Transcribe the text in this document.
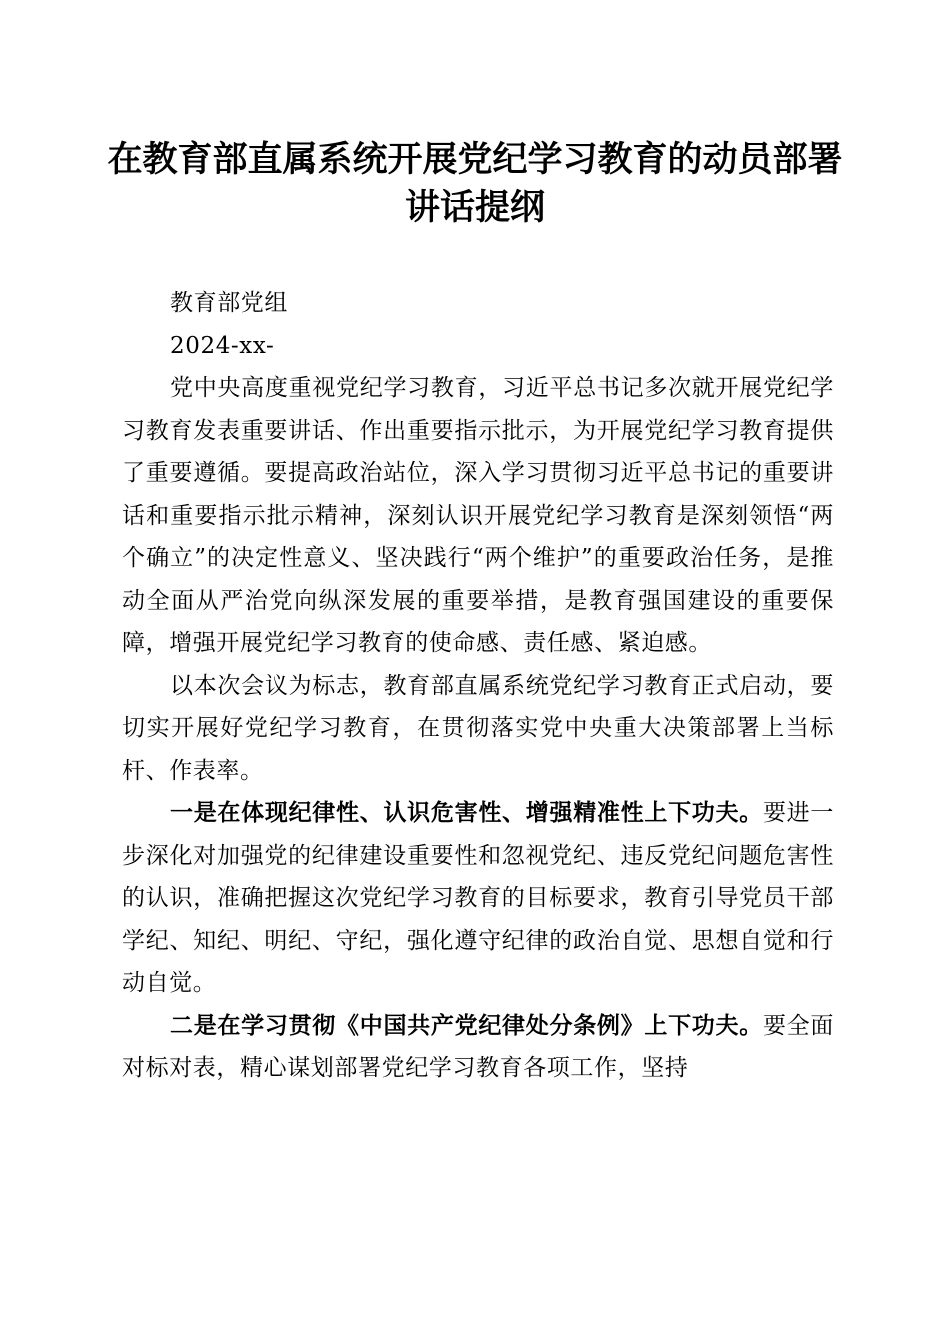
在教育部直属系统开展党纪学习教育的动员部署讲话提纲

教育部党组

2024-xx-

党中央高度重视党纪学习教育，习近平总书记多次就开展党纪学习教育发表重要讲话、作出重要指示批示，为开展党纪学习教育提供了重要遵循。要提高政治站位，深入学习贯彻习近平总书记的重要讲话和重要指示批示精神，深刻认识开展党纪学习教育是深刻领悟“两个确立”的决定性意义、坚决践行“两个维护”的重要政治任务，是推动全面从严治党向纵深发展的重要举措，是教育强国建设的重要保障，增强开展党纪学习教育的使命感、责任感、紧迫感。

以本次会议为标志，教育部直属系统党纪学习教育正式启动，要切实开展好党纪学习教育，在贯彻落实党中央重大决策部署上当标杆、作表率。

一是在体现纪律性、认识危害性、增强精准性上下功夫。要进一步深化对加强党的纪律建设重要性和忽视党纪、违反党纪问题危害性的认识，准确把握这次党纪学习教育的目标要求，教育引导党员干部学纪、知纪、明纪、守纪，强化遵守纪律的政治自觉、思想自觉和行动自觉。

二是在学习贯彻《中国共产党纪律处分条例》上下功夫。要全面对标对表，精心谋划部署党纪学习教育各项工作，坚持
